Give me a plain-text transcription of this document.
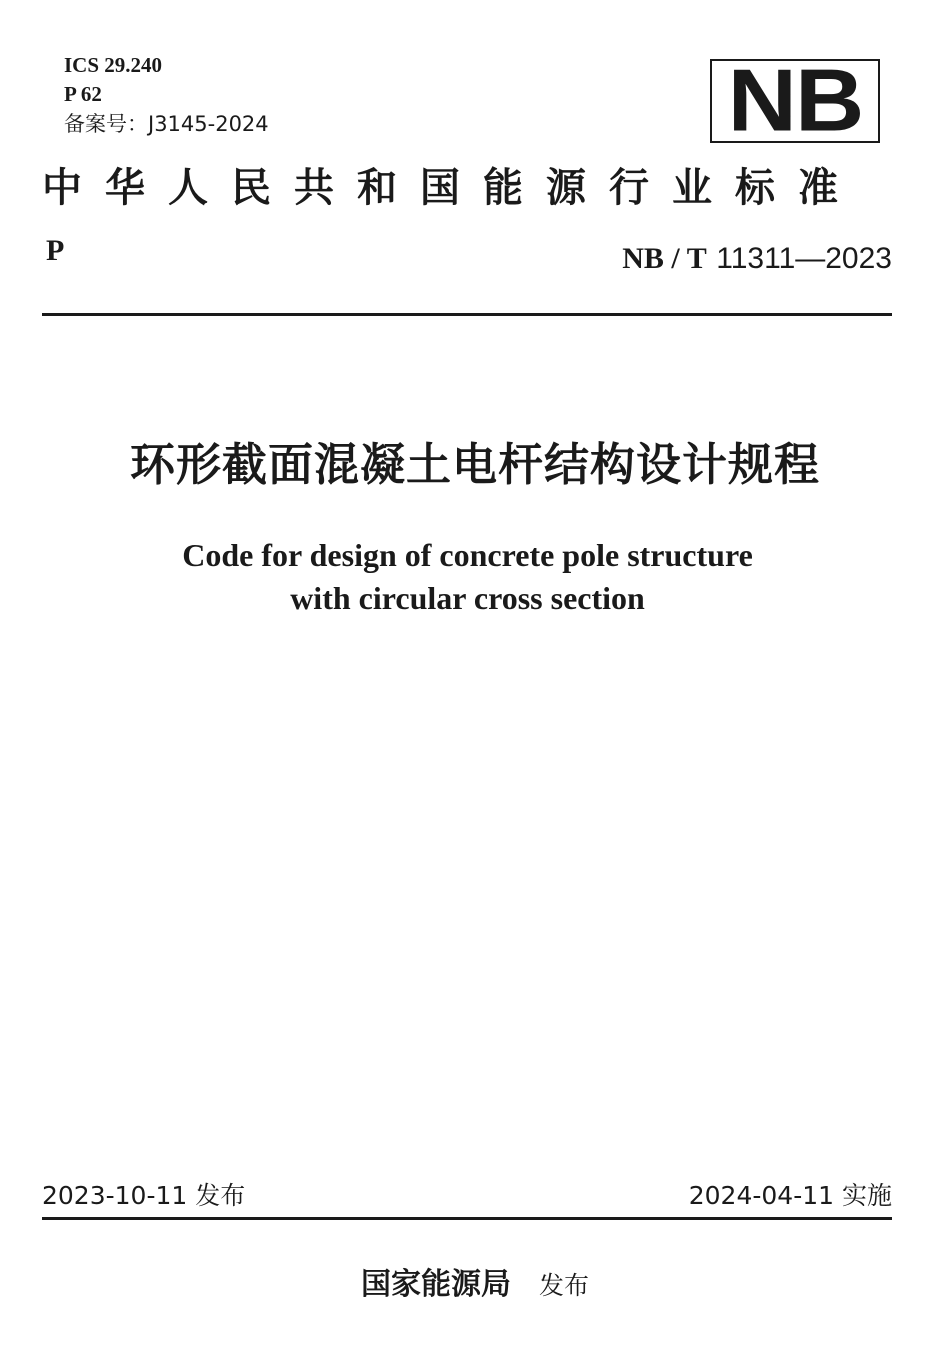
ICS 29.240
P 62
备案号：J3145-2024	NB
中华人民共和国能源行业标准
P	NB / T 11311—2023
环形截面混凝土电杆结构设计规程
Code for design of concrete pole structure
with circular cross section
2023-10-11 发布	2024-04-11 实施
国家能源局 发布
